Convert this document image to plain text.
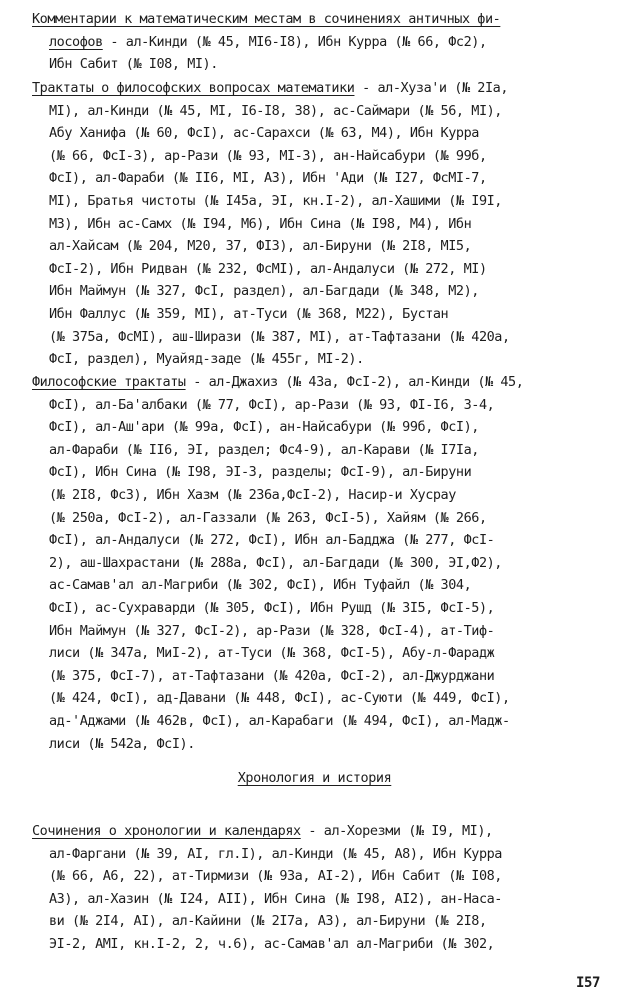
Комментарии к математическим местам в сочинениях античных фи-
лософов - ал-Кинди (№ 45, MI6-I8), Ибн Курра (№ 66, Фс2),
Ибн Сабит (№ I08, MI).
Трактаты о философских вопросах математики - ал-Хуза'и (№ 2Iа,
MI), ал-Кинди (№ 45, MI, I6-I8, 38), ас-Саймари (№ 56, MI),
Абу Ханифа (№ 60, ФсI), ас-Сарахси (№ 63, М4), Ибн Курра
(№ 66, ФсI-3), ар-Рази (№ 93, MI-3), ан-Найсабури (№ 99б,
ФсI), ал-Фараби (№ II6, MI, А3), Ибн 'Ади (№ I27, ФсМI-7,
MI), Братья чистоты (№ I45а, ЭI, кн.I-2), ал-Хашими (№ I9I,
М3), Ибн ас-Самх (№ I94, М6), Ибн Сина (№ I98, М4), Ибн
ал-Хайсам (№ 204, М20, 37, ФI3), ал-Бируни (№ 2I8, МI5,
ФсI-2), Ибн Ридван (№ 232, ФсМI), ал-Андалуси (№ 272, MI)
Ибн Маймун (№ 327, ФсI, раздел), ал-Багдади (№ 348, М2),
Ибн Фаллус (№ 359, MI), ат-Туси (№ 368, М22), Бустан
(№ 375а, ФсМI), аш-Ширази (№ 387, MI), ат-Тафтазани (№ 420а,
ФсI, раздел), Муайяд-заде (№ 455г, MI-2).
Философские трактаты - ал-Джахиз (№ 43а, ФсI-2), ал-Кинди (№ 45,
ФсI), ал-Ба'албаки (№ 77, ФсI), ар-Рази (№ 93, ФI-I6, 3-4,
ФсI), ал-Аш'ари (№ 99а, ФсI), ан-Найсабури (№ 99б, ФсI),
ал-Фараби (№ II6, ЭI, раздел; Фс4-9), ал-Карави (№ I7Iа,
ФсI), Ибн Сина (№ I98, ЭI-3, разделы; ФсI-9), ал-Бируни
(№ 2I8, Фс3), Ибн Хазм (№ 236а,ФсI-2), Насир-и Хусрау
(№ 250а, ФсI-2), ал-Газзали (№ 263, ФсI-5), Хайям (№ 266,
ФсI), ал-Андалуси (№ 272, ФсI), Ибн ал-Бадджа (№ 277, ФсI-
2), аш-Шахрастани (№ 288а, ФсI), ал-Багдади (№ 300, ЭI,Ф2),
ас-Самав'ал ал-Магриби (№ 302, ФсI), Ибн Туфайл (№ 304,
ФсI), ас-Сухраварди (№ 305, ФсI), Ибн Рушд (№ 3I5, ФсI-5),
Ибн Маймун (№ 327, ФсI-2), ар-Рази (№ 328, ФсI-4), ат-Тиф-
лиси (№ 347а, МиI-2), ат-Туси (№ 368, ФсI-5), Абу-л-Фарадж
(№ 375, ФсI-7), ат-Тафтазани (№ 420а, ФсI-2), ал-Джурджани
(№ 424, ФсI), ад-Давани (№ 448, ФсI), ас-Суюти (№ 449, ФсI),
ад-'Аджами (№ 462в, ФсI), ал-Карабаги (№ 494, ФсI), ал-Мадж-
лиси (№ 542а, ФсI).
Хронология и история
Сочинения о хронологии и календарях - ал-Хорезми (№ I9, MI),
ал-Фаргани (№ 39, АI, гл.I), ал-Кинди (№ 45, А8), Ибн Курра
(№ 66, А6, 22), ат-Тирмизи (№ 93а, АI-2), Ибн Сабит (№ I08,
А3), ал-Хазин (№ I24, АII), Ибн Сина (№ I98, АI2), ан-Наса-
ви (№ 2I4, АI), ал-Кайини (№ 2I7а, А3), ал-Бируни (№ 2I8,
ЭI-2, АМI, кн.I-2, 2, ч.6), ас-Самав'ал ал-Магриби (№ 302,
I57
